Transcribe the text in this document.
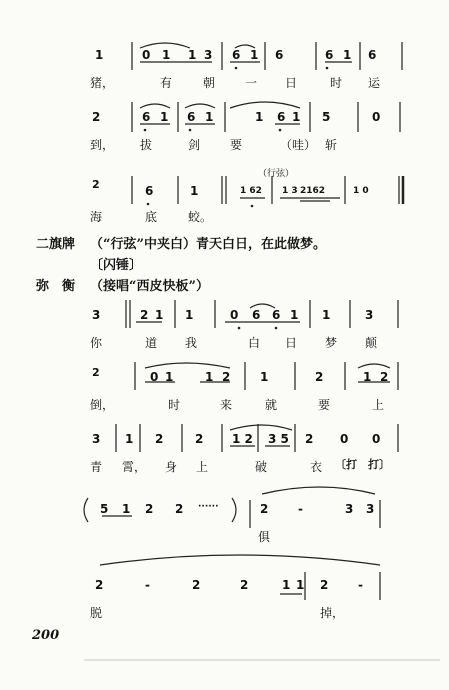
1	0 1 1 3 6 1 6	6 1 6
猪，	有	朝 一 日	时 运
2	6 1 6 1	1 6 1 5	0
到， 拔	剑 要	（哇） 斩
2	6	1	1 62 1 3 2162	1 0
（行弦）
海	底	蛟。
二旗牌 （“行弦”中夹白）青天白日，在此做梦。
〔闪锤〕
弥　衡 （接唱“西皮快板”）
3	2 1 1	0 6 6 1 1	3
你	道 我	白 日 梦 颠
2	0 1	1 2 1	2	1 2
倒，	时	来	就	要	上
3 1 2	2 1 2 3 5 2 0 0
青 霄， 身 上	破	衣 〔打　打〕
5 1 2 2 ······	2 -	3 3
俱
2	-	2	2	1 1 2 -
脱	掉，
200
